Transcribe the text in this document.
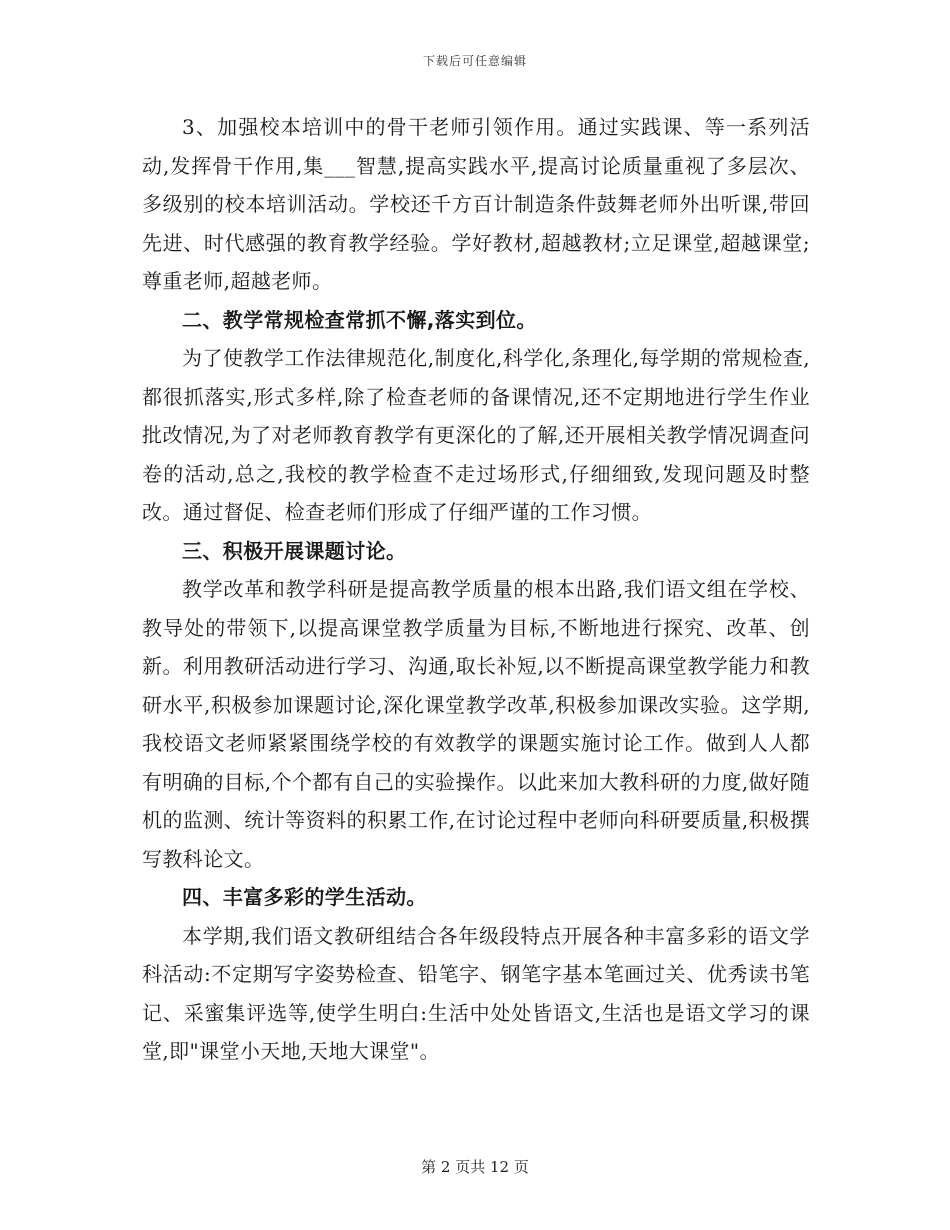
下载后可任意编辑

3、加强校本培训中的骨干老师引领作用。通过实践课、等一系列活动,发挥骨干作用,集___智慧,提高实践水平,提高讨论质量重视了多层次、多级别的校本培训活动。学校还千方百计制造条件鼓舞老师外出听课,带回先进、时代感强的教育教学经验。学好教材,超越教材;立足课堂,超越课堂;尊重老师,超越老师。

二、教学常规检查常抓不懈,落实到位。

为了使教学工作法律规范化,制度化,科学化,条理化,每学期的常规检查,都很抓落实,形式多样,除了检查老师的备课情况,还不定期地进行学生作业批改情况,为了对老师教育教学有更深化的了解,还开展相关教学情况调查问卷的活动,总之,我校的教学检查不走过场形式,仔细细致,发现问题及时整改。通过督促、检查老师们形成了仔细严谨的工作习惯。

三、积极开展课题讨论。

教学改革和教学科研是提高教学质量的根本出路,我们语文组在学校、教导处的带领下,以提高课堂教学质量为目标,不断地进行探究、改革、创新。利用教研活动进行学习、沟通,取长补短,以不断提高课堂教学能力和教研水平,积极参加课题讨论,深化课堂教学改革,积极参加课改实验。这学期,我校语文老师紧紧围绕学校的有效教学的课题实施讨论工作。做到人人都有明确的目标,个个都有自己的实验操作。以此来加大教科研的力度,做好随机的监测、统计等资料的积累工作,在讨论过程中老师向科研要质量,积极撰写教科论文。

四、丰富多彩的学生活动。

本学期,我们语文教研组结合各年级段特点开展各种丰富多彩的语文学科活动:不定期写字姿势检查、铅笔字、钢笔字基本笔画过关、优秀读书笔记、采蜜集评选等,使学生明白:生活中处处皆语文,生活也是语文学习的课堂,即"课堂小天地,天地大课堂"。

第 2 页共 12 页
